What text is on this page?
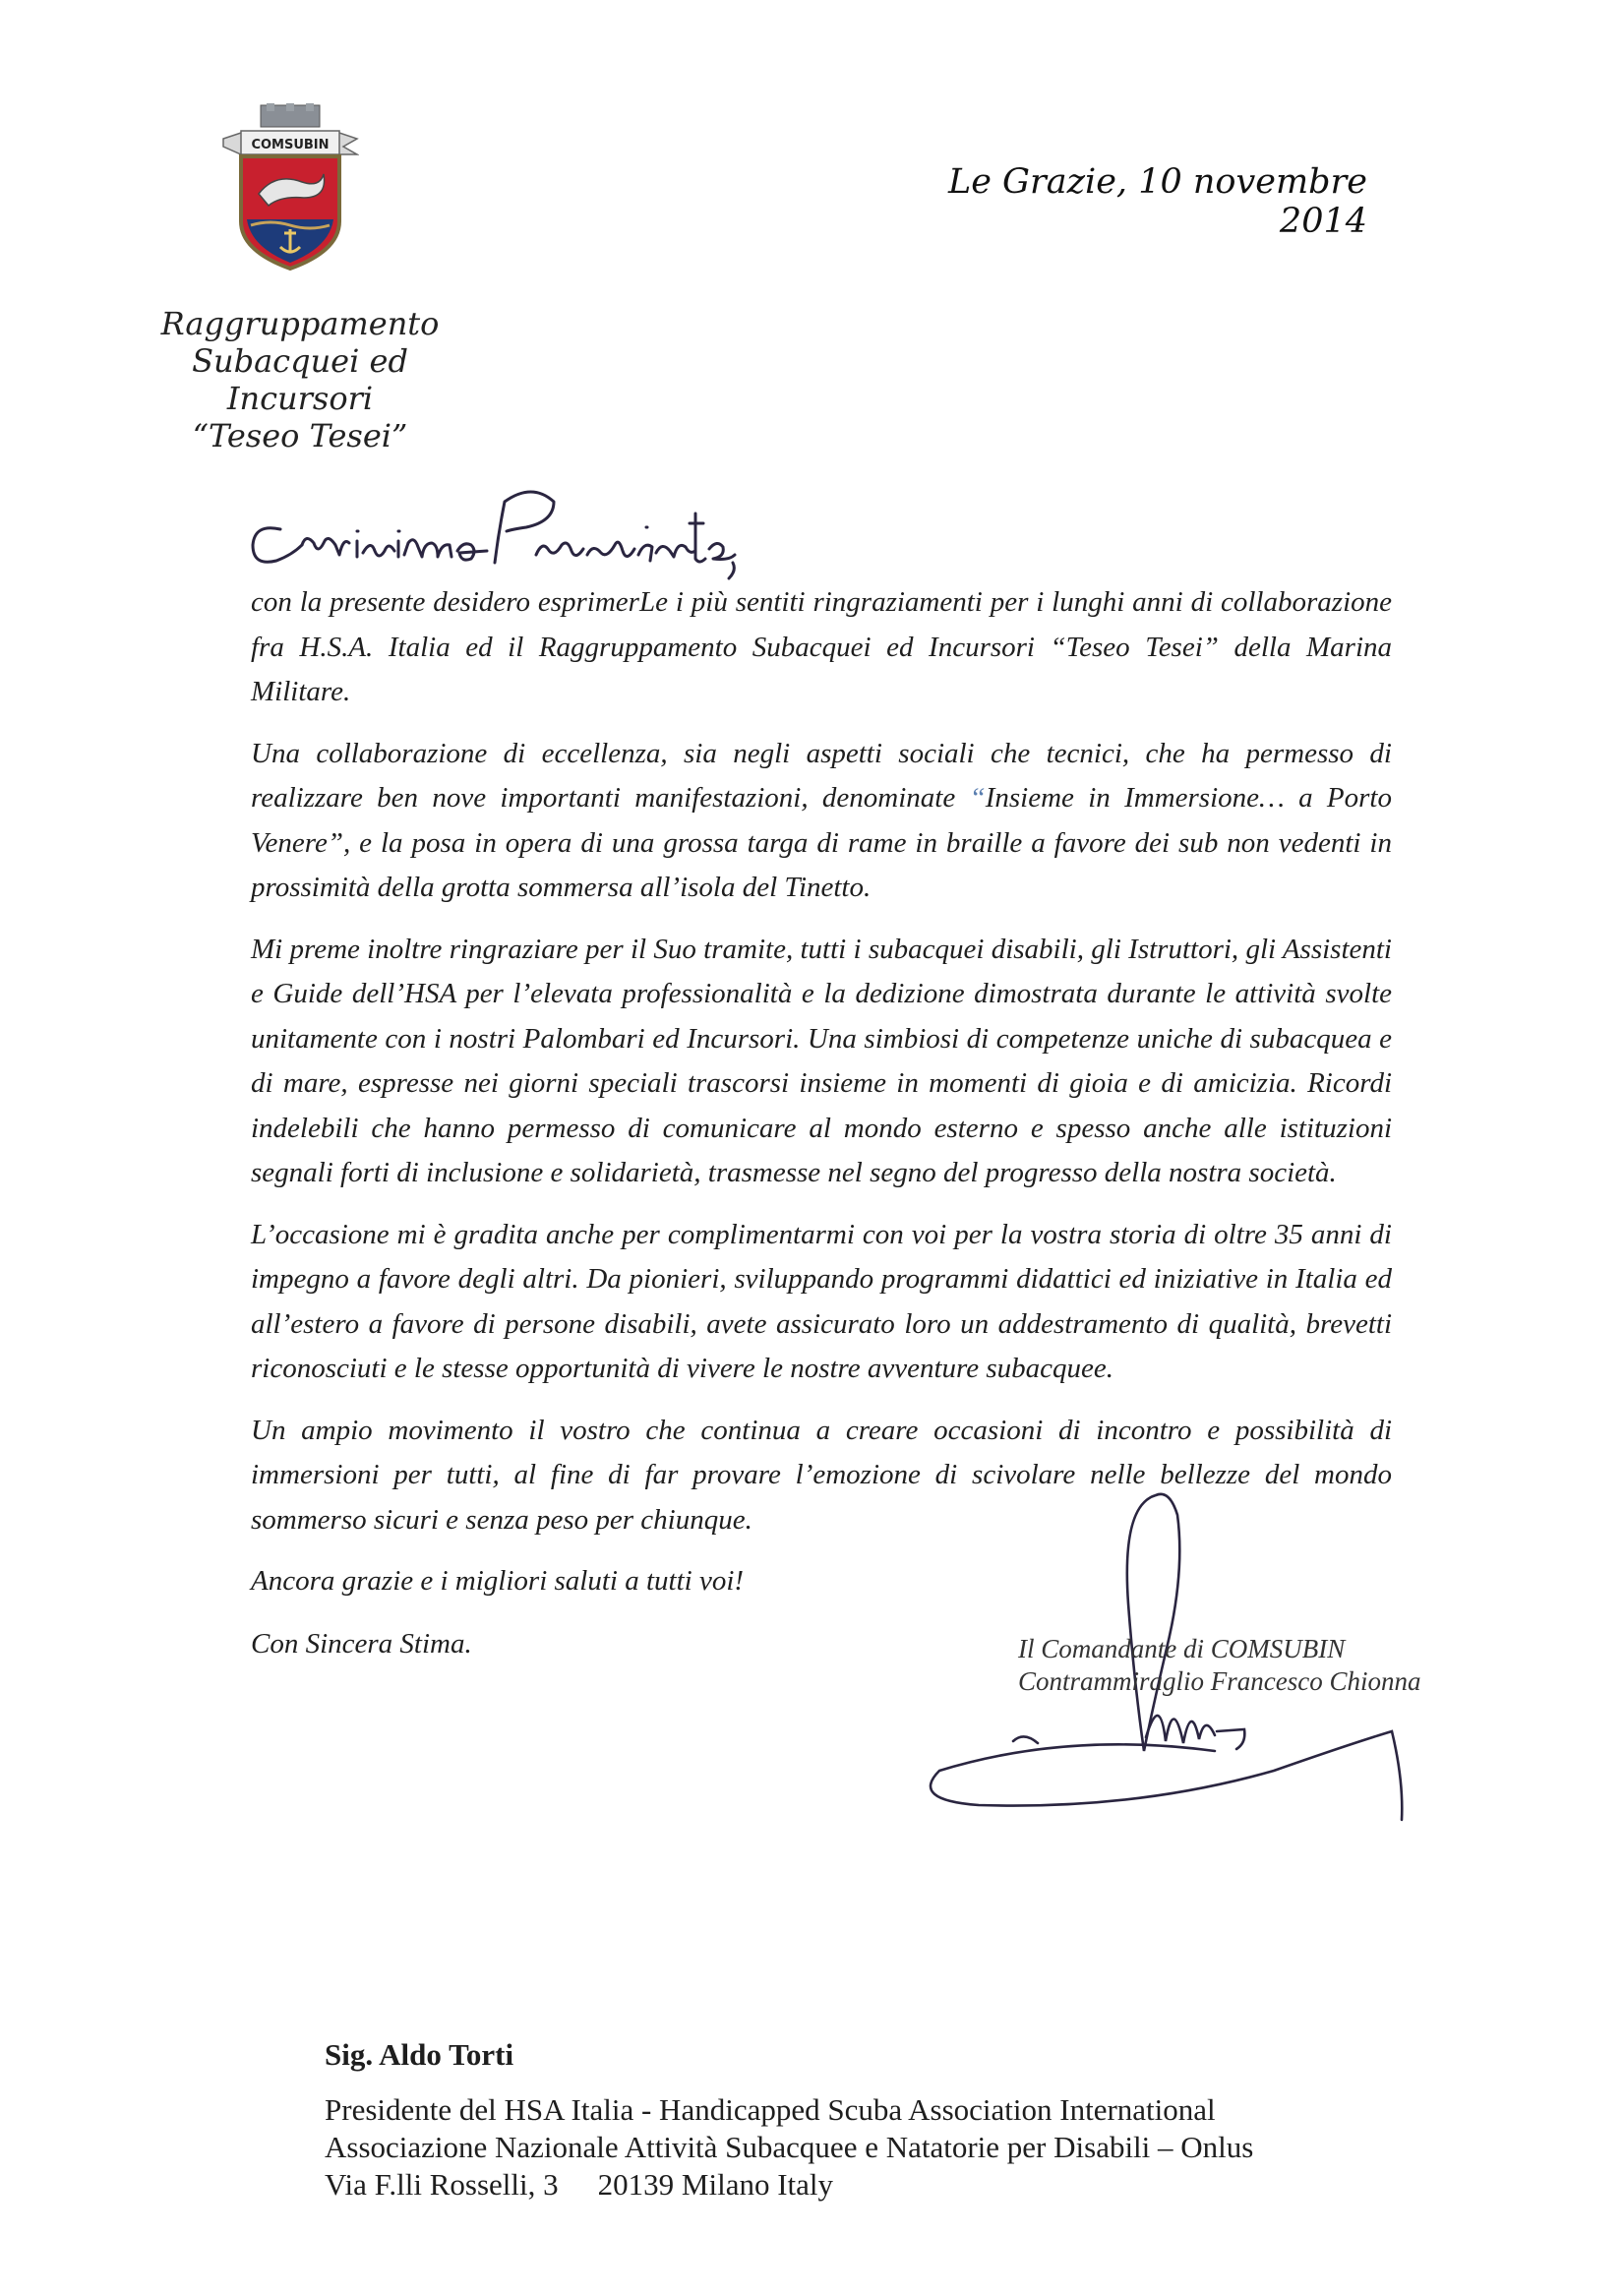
COMSUBIN
Raggruppamento
Subacquei ed Incursori
“Teseo Tesei”
Le Grazie, 10 novembre 2014

con la presente desidero esprimerLe i più sentiti ringraziamenti per i lunghi anni di collaborazione fra H.S.A. Italia ed il Raggruppamento Subacquei ed Incursori “Teseo Tesei” della Marina Militare.

Una collaborazione di eccellenza, sia negli aspetti sociali che tecnici, che ha permesso di realizzare ben nove importanti manifestazioni, denominate “Insieme in Immersione… a Porto Venere”, e la posa in opera di una grossa targa di rame in braille a favore dei sub non vedenti in prossimità della grotta sommersa all’isola del Tinetto.

Mi preme inoltre ringraziare per il Suo tramite, tutti i subacquei disabili, gli Istruttori, gli Assistenti e Guide dell’HSA per l’elevata professionalità e la dedizione dimostrata durante le attività svolte unitamente con i nostri Palombari ed Incursori. Una simbiosi di competenze uniche di subacquea e di mare, espresse nei giorni speciali trascorsi insieme in momenti di gioia e di amicizia. Ricordi indelebili che hanno permesso di comunicare al mondo esterno e spesso anche alle istituzioni segnali forti di inclusione e solidarietà, trasmesse nel segno del progresso della nostra società.

L’occasione mi è gradita anche per complimentarmi con voi per la vostra storia di oltre 35 anni di impegno a favore degli altri. Da pionieri, sviluppando programmi didattici ed iniziative in Italia ed all’estero a favore di persone disabili, avete assicurato loro un addestramento di qualità, brevetti riconosciuti e le stesse opportunità di vivere le nostre avventure subacquee.

Un ampio movimento il vostro che continua a creare occasioni di incontro e possibilità di immersioni per tutti, al fine di far provare l’emozione di scivolare nelle bellezze del mondo sommerso sicuri e senza peso per chiunque.

Ancora grazie e i migliori saluti a tutti voi!

Con Sincera Stima.	Il Comandante di COMSUBIN
Contrammiraglio Francesco Chionna
Sig. Aldo Torti
Presidente del HSA Italia - Handicapped Scuba Association International
Associazione Nazionale Attività Subacquee e Natatorie per Disabili – Onlus
Via F.lli Rosselli, 3 20139 Milano Italy
